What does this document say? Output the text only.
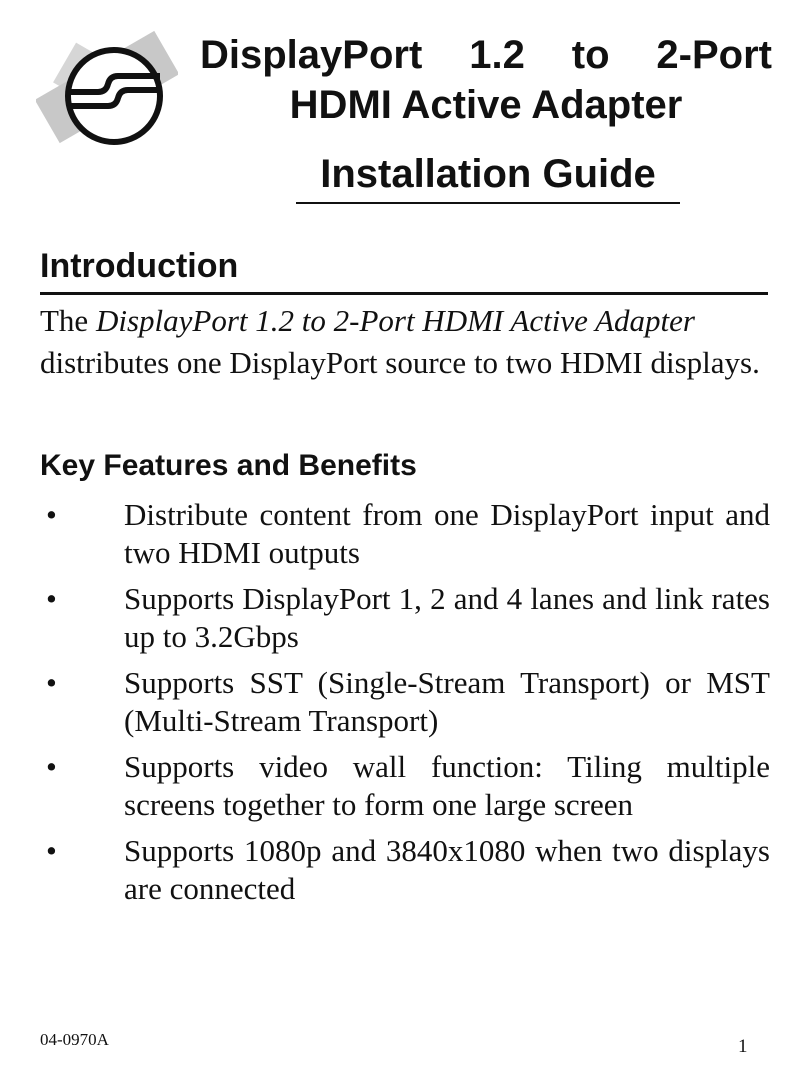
DisplayPort 1.2 to 2-Port
HDMI Active Adapter
Installation Guide
Introduction
The DisplayPort 1.2 to 2-Port HDMI Active Adapter distributes one DisplayPort source to two HDMI displays.
Key Features and Benefits
• Distribute content from one DisplayPort input and two HDMI outputs
• Supports DisplayPort 1, 2 and 4 lanes and link rates up to 3.2Gbps
• Supports SST (Single-Stream Transport) or MST (Multi-Stream Transport)
• Supports video wall function: Tiling multiple screens together to form one large screen
• Supports 1080p and 3840x1080 when two displays are connected
04-0970A	1
